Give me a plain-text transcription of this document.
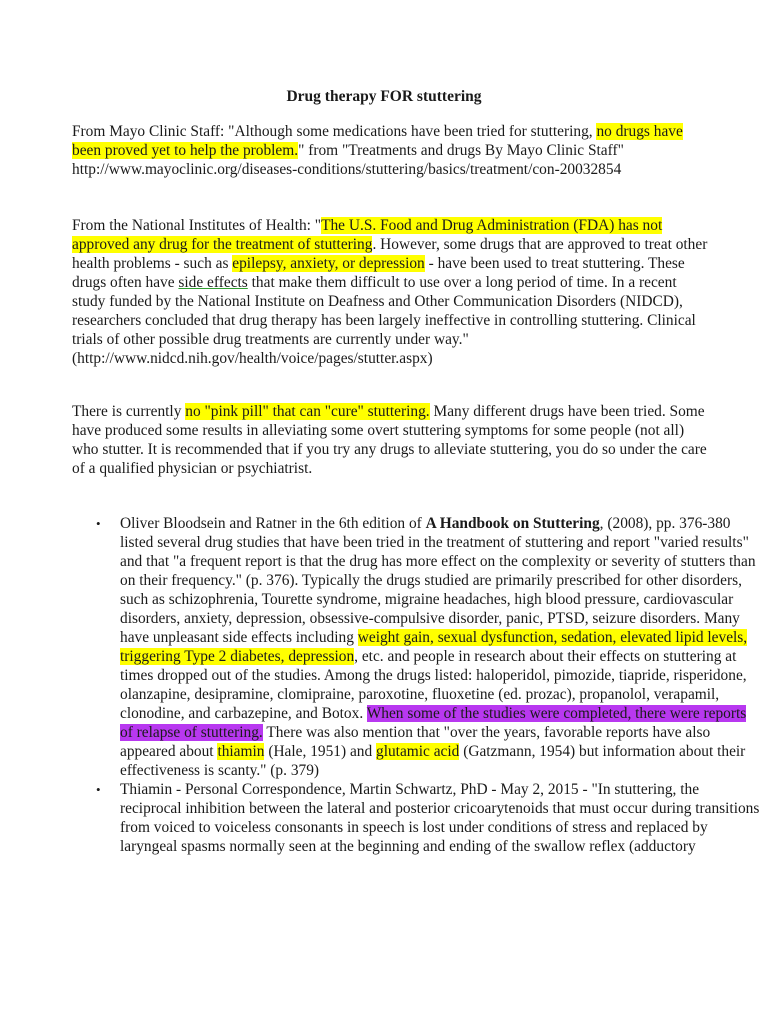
Drug therapy FOR stuttering

From Mayo Clinic Staff: "Although some medications have been tried for stuttering, no drugs have been proved yet to help the problem." from "Treatments and drugs By Mayo Clinic Staff" http://www.mayoclinic.org/diseases-conditions/stuttering/basics/treatment/con-20032854

From the National Institutes of Health: "The U.S. Food and Drug Administration (FDA) has not approved any drug for the treatment of stuttering. However, some drugs that are approved to treat other health problems - such as epilepsy, anxiety, or depression - have been used to treat stuttering. These drugs often have side effects that make them difficult to use over a long period of time. In a recent study funded by the National Institute on Deafness and Other Communication Disorders (NIDCD), researchers concluded that drug therapy has been largely ineffective in controlling stuttering. Clinical trials of other possible drug treatments are currently under way." (http://www.nidcd.nih.gov/health/voice/pages/stutter.aspx)

There is currently no "pink pill" that can "cure" stuttering. Many different drugs have been tried. Some have produced some results in alleviating some overt stuttering symptoms for some people (not all) who stutter. It is recommended that if you try any drugs to alleviate stuttering, you do so under the care of a qualified physician or psychiatrist.

• Oliver Bloodsein and Ratner in the 6th edition of A Handbook on Stuttering, (2008), pp. 376-380 listed several drug studies that have been tried in the treatment of stuttering and report "varied results" and that "a frequent report is that the drug has more effect on the complexity or severity of stutters than on their frequency." (p. 376). Typically the drugs studied are primarily prescribed for other disorders, such as schizophrenia, Tourette syndrome, migraine headaches, high blood pressure, cardiovascular disorders, anxiety, depression, obsessive-compulsive disorder, panic, PTSD, seizure disorders. Many have unpleasant side effects including weight gain, sexual dysfunction, sedation, elevated lipid levels, triggering Type 2 diabetes, depression, etc. and people in research about their effects on stuttering at times dropped out of the studies. Among the drugs listed: haloperidol, pimozide, tiapride, risperidone, olanzapine, desipramine, clomipraine, paroxotine, fluoxetine (ed. prozac), propanolol, verapamil, clonodine, and carbazepine, and Botox. When some of the studies were completed, there were reports of relapse of stuttering. There was also mention that "over the years, favorable reports have also appeared about thiamin (Hale, 1951) and glutamic acid (Gatzmann, 1954) but information about their effectiveness is scanty." (p. 379)
• Thiamin - Personal Correspondence, Martin Schwartz, PhD - May 2, 2015 - "In stuttering, the reciprocal inhibition between the lateral and posterior cricoarytenoids that must occur during transitions from voiced to voiceless consonants in speech is lost under conditions of stress and replaced by laryngeal spasms normally seen at the beginning and ending of the swallow reflex (adductory
